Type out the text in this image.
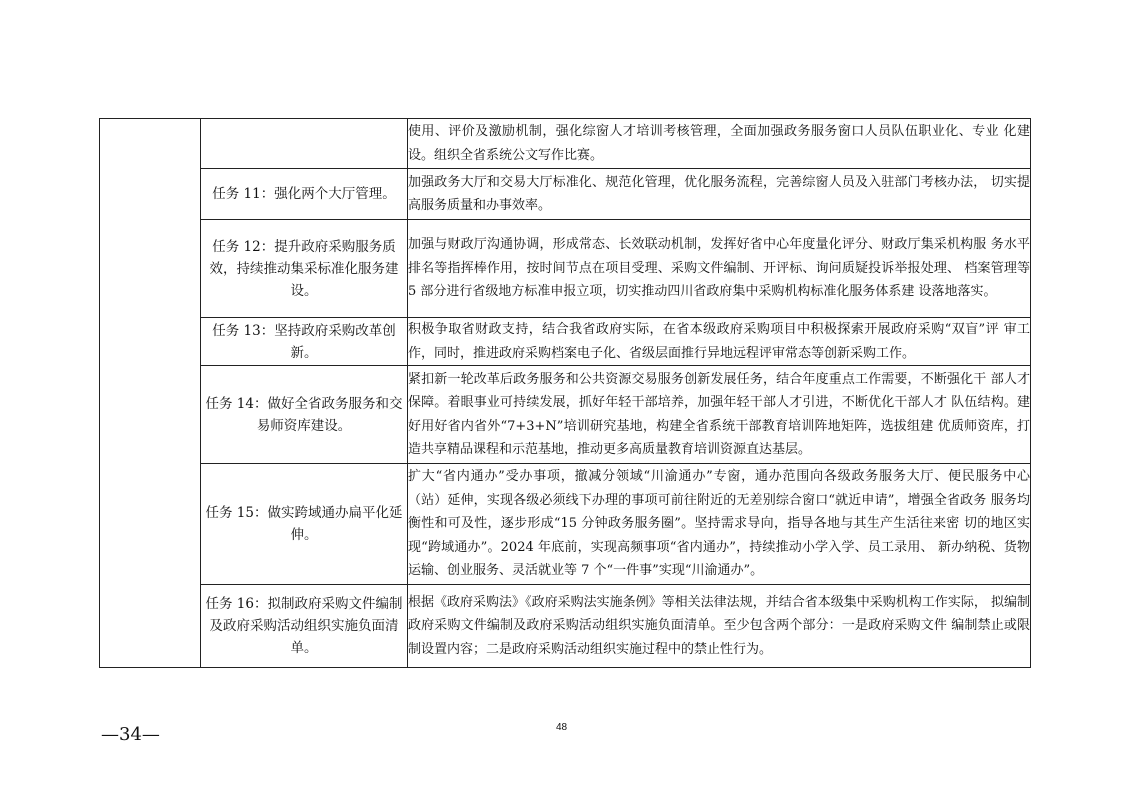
		使用、评价及激励机制，强化综窗人才培训考核管理，全面加强政务服务窗口人员队伍职业化、专业 化建设。组织全省系统公文写作比赛。
	任务 11：强化两个大厅管理。	加强政务大厅和交易大厅标准化、规范化管理，优化服务流程，完善综窗人员及入驻部门考核办法， 切实提高服务质量和办事效率。
	任务 12：提升政府采购服务质效，持续推动集采标准化服务建设。	加强与财政厅沟通协调，形成常态、长效联动机制，发挥好省中心年度量化评分、财政厅集采机构服 务水平排名等指挥棒作用，按时间节点在项目受理、采购文件编制、开评标、询问质疑投诉举报处理、 档案管理等 5 部分进行省级地方标准申报立项，切实推动四川省政府集中采购机构标准化服务体系建 设落地落实。
	任务 13：坚持政府采购改革创新。	积极争取省财政支持，结合我省政府实际，在省本级政府采购项目中积极探索开展政府采购“双盲”评 审工作，同时，推进政府采购档案电子化、省级层面推行异地远程评审常态等创新采购工作。
	任务 14：做好全省政务服务和交易师资库建设。	紧扣新一轮改革后政务服务和公共资源交易服务创新发展任务，结合年度重点工作需要，不断强化干 部人才保障。着眼事业可持续发展，抓好年轻干部培养，加强年轻干部人才引进，不断优化干部人才 队伍结构。建好用好省内省外“7+3+N”培训研究基地，构建全省系统干部教育培训阵地矩阵，选拔组建 优质师资库，打造共享精品课程和示范基地，推动更多高质量教育培训资源直达基层。
	任务 15：做实跨域通办扁平化延伸。	扩大“省内通办”受办事项，撤减分领域“川渝通办”专窗，通办范围向各级政务服务大厅、便民服务中心 （站）延伸，实现各级必须线下办理的事项可前往附近的无差别综合窗口“就近申请”，增强全省政务 服务均衡性和可及性，逐步形成“15 分钟政务服务圈”。坚持需求导向，指导各地与其生产生活往来密 切的地区实现“跨域通办”。2024 年底前，实现高频事项“省内通办”，持续推动小学入学、员工录用、 新办纳税、货物运输、创业服务、灵活就业等 7 个“一件事”实现“川渝通办”。
	任务 16：拟制政府采购文件编制及政府采购活动组织实施负面清单。	根据《政府采购法》《政府采购法实施条例》等相关法律法规，并结合省本级集中采购机构工作实际， 拟编制政府采购文件编制及政府采购活动组织实施负面清单。至少包含两个部分：一是政府采购文件 编制禁止或限制设置内容；二是政府采购活动组织实施过程中的禁止性行为。
—34—	48
